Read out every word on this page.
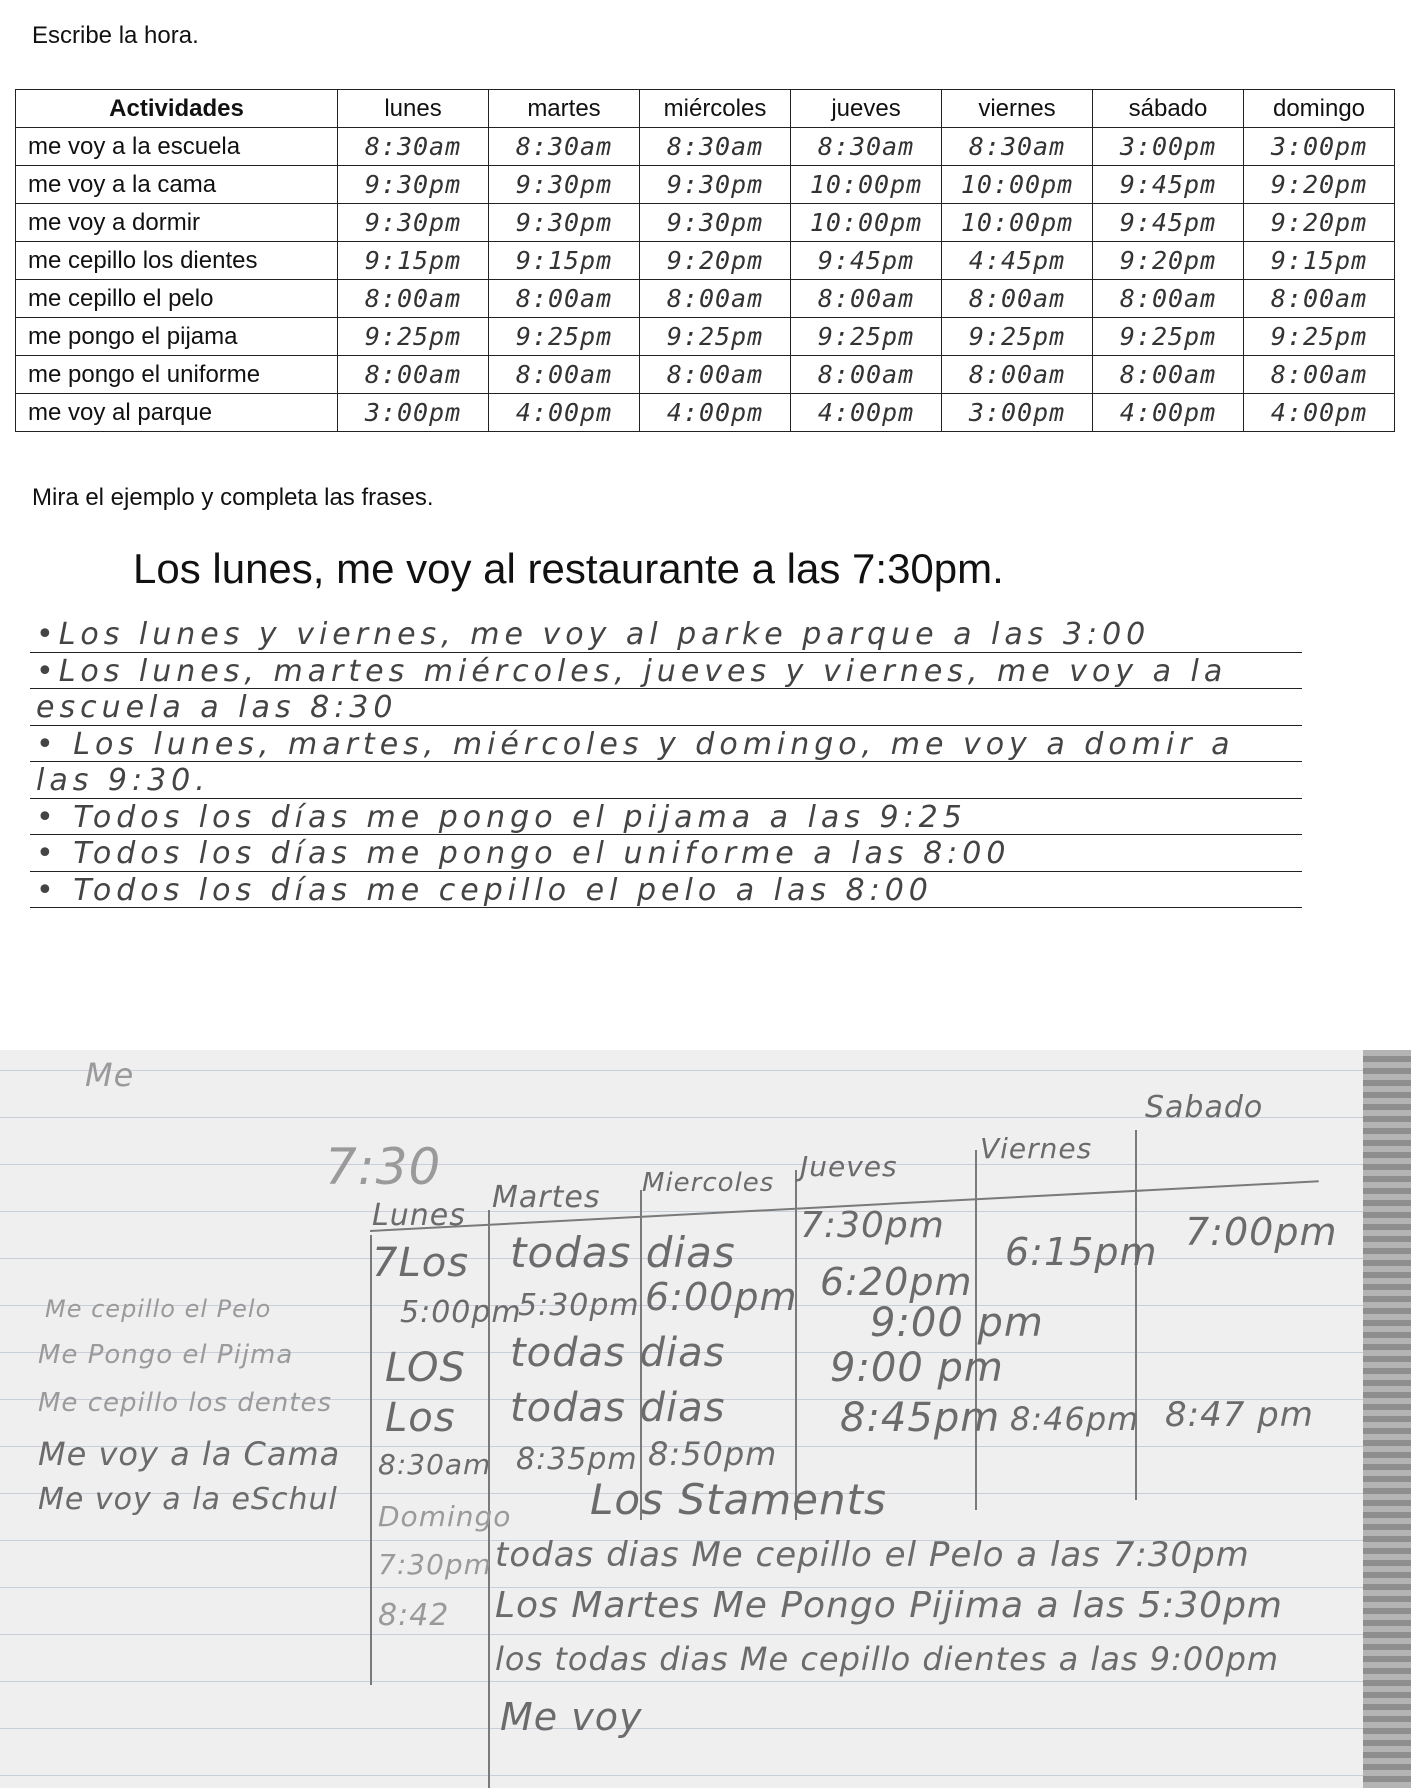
Escribe la hora.
Actividades	lunes	martes	miércoles	jueves	viernes	sábado	domingo
me voy a la escuela	8:30am	8:30am	8:30am	8:30am	8:30am	3:00pm	3:00pm
me voy a la cama	9:30pm	9:30pm	9:30pm	10:00pm	10:00pm	9:45pm	9:20pm
me voy a dormir	9:30pm	9:30pm	9:30pm	10:00pm	10:00pm	9:45pm	9:20pm
me cepillo los dientes	9:15pm	9:15pm	9:20pm	9:45pm	4:45pm	9:20pm	9:15pm
me cepillo el pelo	8:00am	8:00am	8:00am	8:00am	8:00am	8:00am	8:00am
me pongo el pijama	9:25pm	9:25pm	9:25pm	9:25pm	9:25pm	9:25pm	9:25pm
me pongo el uniforme	8:00am	8:00am	8:00am	8:00am	8:00am	8:00am	8:00am
me voy al parque	3:00pm	4:00pm	4:00pm	4:00pm	3:00pm	4:00pm	4:00pm
Mira el ejemplo y completa las frases.
Los lunes, me voy al restaurante a las 7:30pm.
•Los lunes y viernes, me voy al parke parque a las 3:00
•Los lunes, martes miércoles, jueves y viernes, me voy a la
escuela a las 8:30
• Los lunes, martes, miércoles y domingo, me voy a domir a
las 9:30.
• Todos los días me pongo el pijama a las 9:25
• Todos los días me pongo el uniforme a las 8:00
• Todos los días me cepillo el pelo a las 8:00
Me
7:30
Lunes
Martes Miercoles Jueves
Viernes
Sabado
Me cepillo el Pelo
Me Pongo el Pijma
Me cepillo los dentes
Me voy a la Cama
Me voy a la eSchul
7Los todas dias
7:30pm
6:15pm 7:00pm
5:00pm
5:30pm 6:00pm 6:20pm
9:00 pm
LOS todas dias	9:00 pm
Los todas dias	8:45pm 8:46pm 8:47 pm
8:30am 8:35pm 8:50pm
Domingo
7:30pm
8:42
Los Staments
todas dias Me cepillo el Pelo a las 7:30pm
Los Martes Me Pongo Pijima a las 5:30pm
los todas dias Me cepillo dientes a las 9:00pm
Me voy
